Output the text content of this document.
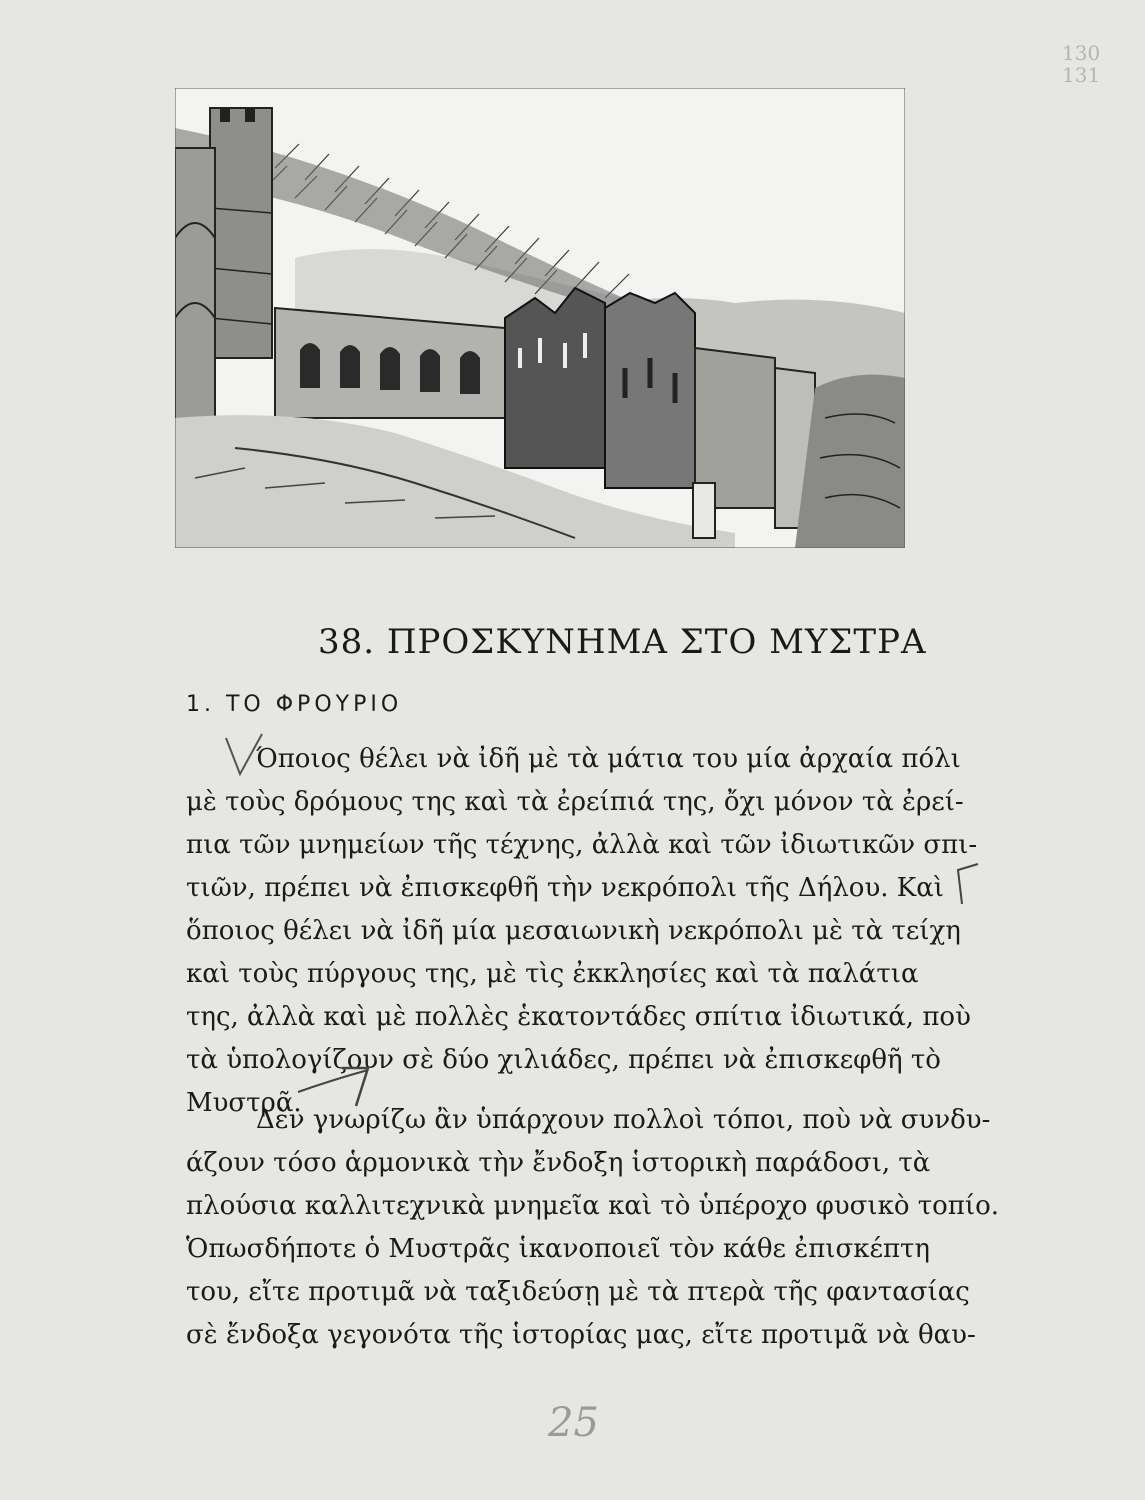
130
131
38. ΠΡΟΣΚΥΝΗΜΑ ΣΤΟ ΜΥΣΤΡΑ
1. ΤΟ ΦΡΟΥΡΙΟ
Όποιος θέλει νὰ ἰδῆ μὲ τὰ μάτια του μία ἀρχαία πόλι
μὲ τοὺς δρόμους της καὶ τὰ ἐρείπιά της, ὄχι μόνον τὰ ἐρεί-
πια τῶν μνημείων τῆς τέχνης, ἀλλὰ καὶ τῶν ἰδιωτικῶν σπι-
τιῶν, πρέπει νὰ ἐπισκεφθῆ τὴν νεκρόπολι τῆς Δήλου. Καὶ
ὅποιος θέλει νὰ ἰδῆ μία μεσαιωνικὴ νεκρόπολι μὲ τὰ τείχη
καὶ τοὺς πύργους της, μὲ τὶς ἐκκλησίες καὶ τὰ παλάτια
της, ἀλλὰ καὶ μὲ πολλὲς ἑκατοντάδες σπίτια ἰδιωτικά, ποὺ
τὰ ὑπολογίζουν σὲ δύο χιλιάδες, πρέπει νὰ ἐπισκεφθῆ τὸ
Μυστρᾶ.
Δὲν γνωρίζω ἂν ὑπάρχουν πολλοὶ τόποι, ποὺ νὰ συνδυ-
άζουν τόσο ἁρμονικὰ τὴν ἔνδοξη ἱστορικὴ παράδοσι, τὰ
πλούσια καλλιτεχνικὰ μνημεῖα καὶ τὸ ὑπέροχο φυσικὸ τοπίο.
Ὁπωσδήποτε ὁ Μυστρᾶς ἱκανοποιεῖ τὸν κάθε ἐπισκέπτη
του, εἴτε προτιμᾶ νὰ ταξιδεύσῃ μὲ τὰ πτερὰ τῆς φαντασίας
σὲ ἔνδοξα γεγονότα τῆς ἱστορίας μας, εἴτε προτιμᾶ νὰ θαυ-
25
